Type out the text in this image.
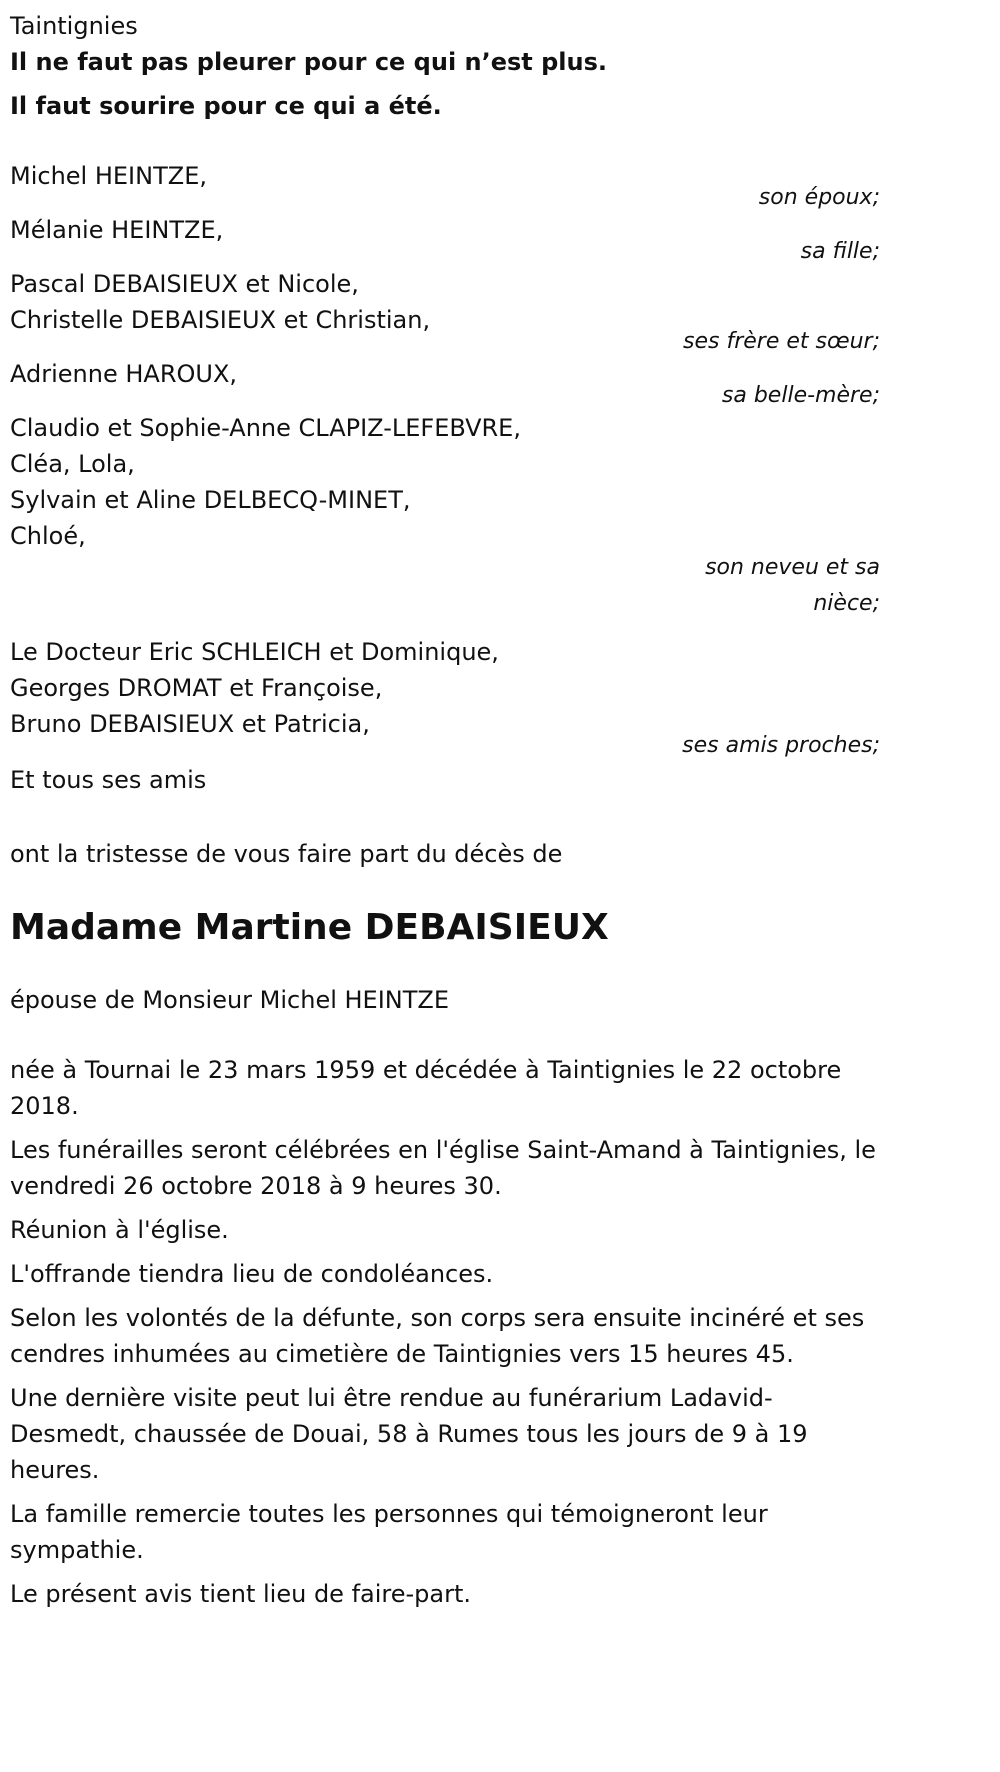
Taintignies

Il ne faut pas pleurer pour ce qui n’est plus.

Il faut sourire pour ce qui a été.

Michel HEINTZE,

son époux;

Mélanie HEINTZE,

sa fille;

Pascal DEBAISIEUX et Nicole,

Christelle DEBAISIEUX et Christian,

ses frère et sœur;

Adrienne HAROUX,

sa belle-mère;

Claudio et Sophie-Anne CLAPIZ-LEFEBVRE,

Cléa, Lola,

Sylvain et Aline DELBECQ-MINET,

Chloé,

son neveu et sa nièce;

Le Docteur Eric SCHLEICH et Dominique,

Georges DROMAT et Françoise,

Bruno DEBAISIEUX et Patricia,

ses amis proches;

Et tous ses amis

ont la tristesse de vous faire part du décès de

Madame Martine DEBAISIEUX

épouse de Monsieur Michel HEINTZE

née à Tournai le 23 mars 1959 et décédée à Taintignies le 22 octobre 2018.

Les funérailles seront célébrées en l'église Saint-Amand à Taintignies, le vendredi 26 octobre 2018 à 9 heures 30.

Réunion à l'église.

L'offrande tiendra lieu de condoléances.

Selon les volontés de la défunte, son corps sera ensuite incinéré et ses cendres inhumées au cimetière de Taintignies vers 15 heures 45.

Une dernière visite peut lui être rendue au funérarium Ladavid-Desmedt, chaussée de Douai, 58 à Rumes tous les jours de 9 à 19 heures.

La famille remercie toutes les personnes qui témoigneront leur sympathie.

Le présent avis tient lieu de faire-part.
